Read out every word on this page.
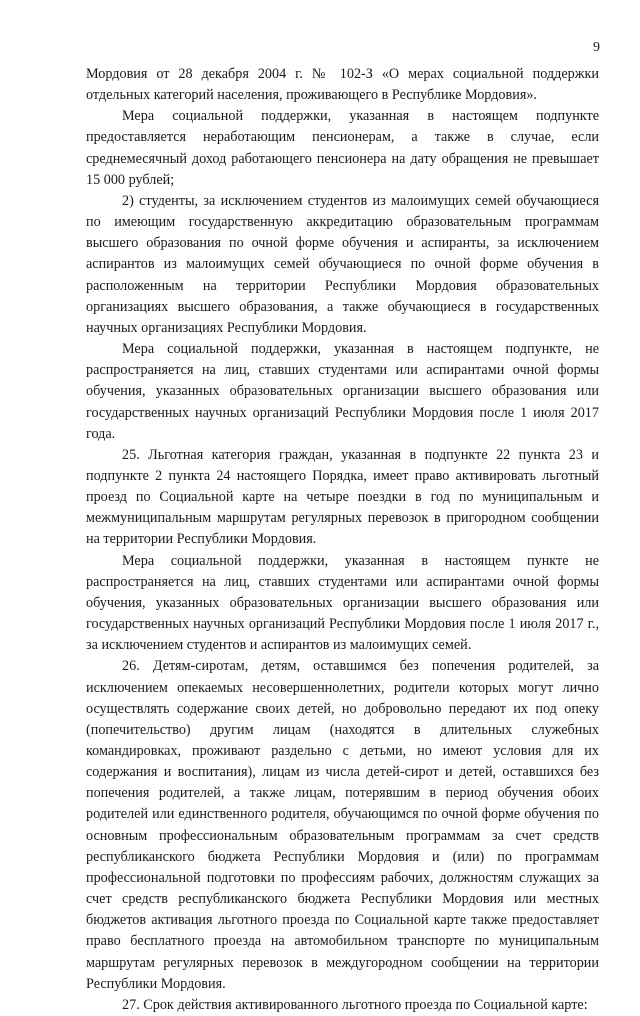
9

Мордовия от 28 декабря 2004 г. № 102-З «О мерах социальной поддержки отдельных категорий населения, проживающего в Республике Мордовия».

Мера социальной поддержки, указанная в настоящем подпункте предоставляется неработающим пенсионерам, а также в случае, если среднемесячный доход работающего пенсионера на дату обращения не превышает 15 000 рублей;

2) студенты, за исключением студентов из малоимущих семей обучающиеся по имеющим государственную аккредитацию образовательным программам высшего образования по очной форме обучения и аспиранты, за исключением аспирантов из малоимущих семей обучающиеся по очной форме обучения в расположенным на территории Республики Мордовия образовательных организациях высшего образования, а также обучающиеся в государственных научных организациях Республики Мордовия.

Мера социальной поддержки, указанная в настоящем подпункте, не распространяется на лиц, ставших студентами или аспирантами очной формы обучения, указанных образовательных организации высшего образования или государственных научных организаций Республики Мордовия после 1 июля 2017 года.

25. Льготная категория граждан, указанная в подпункте 22 пункта 23 и подпункте 2 пункта 24 настоящего Порядка, имеет право активировать льготный проезд по Социальной карте на четыре поездки в год по муниципальным и межмуниципальным маршрутам регулярных перевозок в пригородном сообщении на территории Республики Мордовия.

Мера социальной поддержки, указанная в настоящем пункте не распространяется на лиц, ставших студентами или аспирантами очной формы обучения, указанных образовательных организации высшего образования или государственных научных организаций Республики Мордовия после 1 июля 2017 г., за исключением студентов и аспирантов из малоимущих семей.

26. Детям-сиротам, детям, оставшимся без попечения родителей, за исключением опекаемых несовершеннолетних, родители которых могут лично осуществлять содержание своих детей, но добровольно передают их под опеку (попечительство) другим лицам (находятся в длительных служебных командировках, проживают раздельно с детьми, но имеют условия для их содержания и воспитания), лицам из числа детей-сирот и детей, оставшихся без попечения родителей, а также лицам, потерявшим в период обучения обоих родителей или единственного родителя, обучающимся по очной форме обучения по основным профессиональным образовательным программам за счет средств республиканского бюджета Республики Мордовия и (или) по программам профессиональной подготовки по профессиям рабочих, должностям служащих за счет средств республиканского бюджета Республики Мордовия или местных бюджетов активация льготного проезда по Социальной карте также предоставляет право бесплатного проезда на автомобильном транспорте по муниципальным маршрутам регулярных перевозок в междугородном сообщении на территории Республики Мордовия.

27. Срок действия активированного льготного проезда по Социальной карте:
